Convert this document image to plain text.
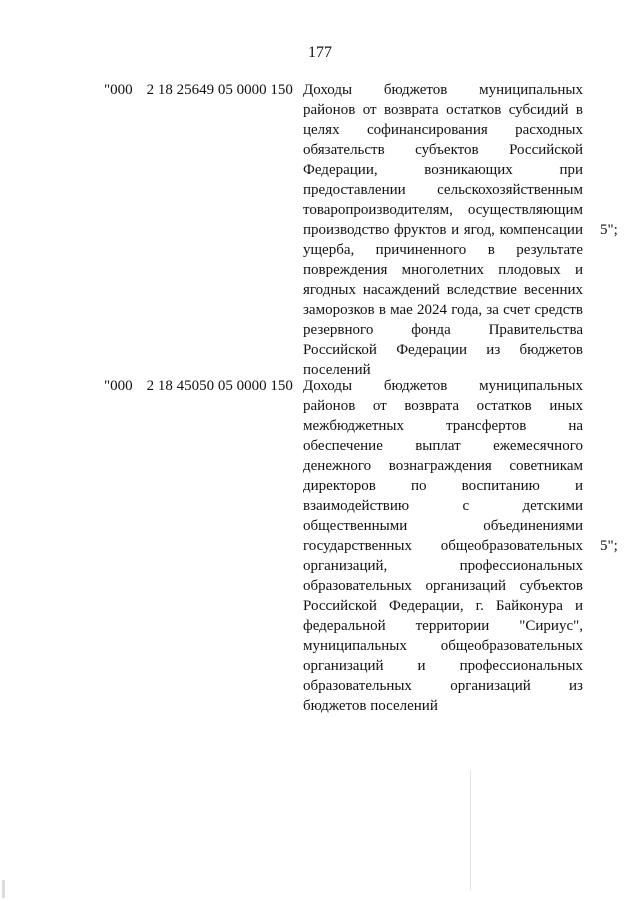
177
"000 2 18 25649 05 0000 150 Доходы бюджетов муниципальных
районов от возврата остатков субсидий в
целях софинансирования расходных
обязательств субъектов Российской
Федерации, возникающих при
предоставлении сельскохозяйственным
товаропроизводителям, осуществляющим
производство фруктов и ягод, компенсации
ущерба, причиненного в результате
повреждения многолетних плодовых и
ягодных насаждений вследствие весенних
заморозков в мае 2024 года, за счет средств
резервного фонда Правительства
Российской Федерации из бюджетов
поселений
5";
"000 2 18 45050 05 0000 150 Доходы бюджетов муниципальных
районов от возврата остатков иных
межбюджетных трансфертов на
обеспечение выплат ежемесячного
денежного вознаграждения советникам
директоров по воспитанию и
взаимодействию с детскими
общественными объединениями
государственных общеобразовательных
организаций, профессиональных
образовательных организаций субъектов
Российской Федерации, г. Байконура и
федеральной территории "Сириус",
муниципальных общеобразовательных
организаций и профессиональных
образовательных организаций из
бюджетов поселений
5";
